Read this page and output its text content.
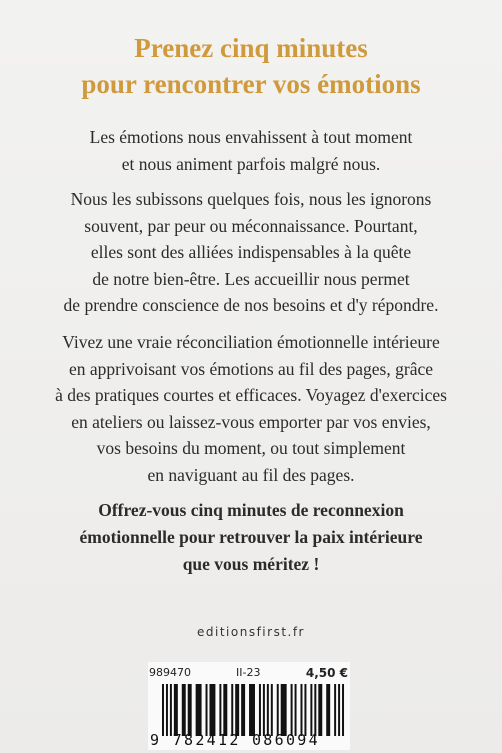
Prenez cinq minutes
pour rencontrer vos émotions
Les émotions nous envahissent à tout moment
et nous animent parfois malgré nous.
Nous les subissons quelques fois, nous les ignorons
souvent, par peur ou méconnaissance. Pourtant,
elles sont des alliées indispensables à la quête
de notre bien-être. Les accueillir nous permet
de prendre conscience de nos besoins et d'y répondre.
Vivez une vraie réconciliation émotionnelle intérieure
en apprivoisant vos émotions au fil des pages, grâce
à des pratiques courtes et efficaces. Voyagez d'exercices
en ateliers ou laissez-vous emporter par vos envies,
vos besoins du moment, ou tout simplement
en naviguant au fil des pages.
Offrez-vous cinq minutes de reconnexion
émotionnelle pour retrouver la paix intérieure
que vous méritez !
editionsfirst.fr
989470	II-23	4,50 €
9 782412 086094
